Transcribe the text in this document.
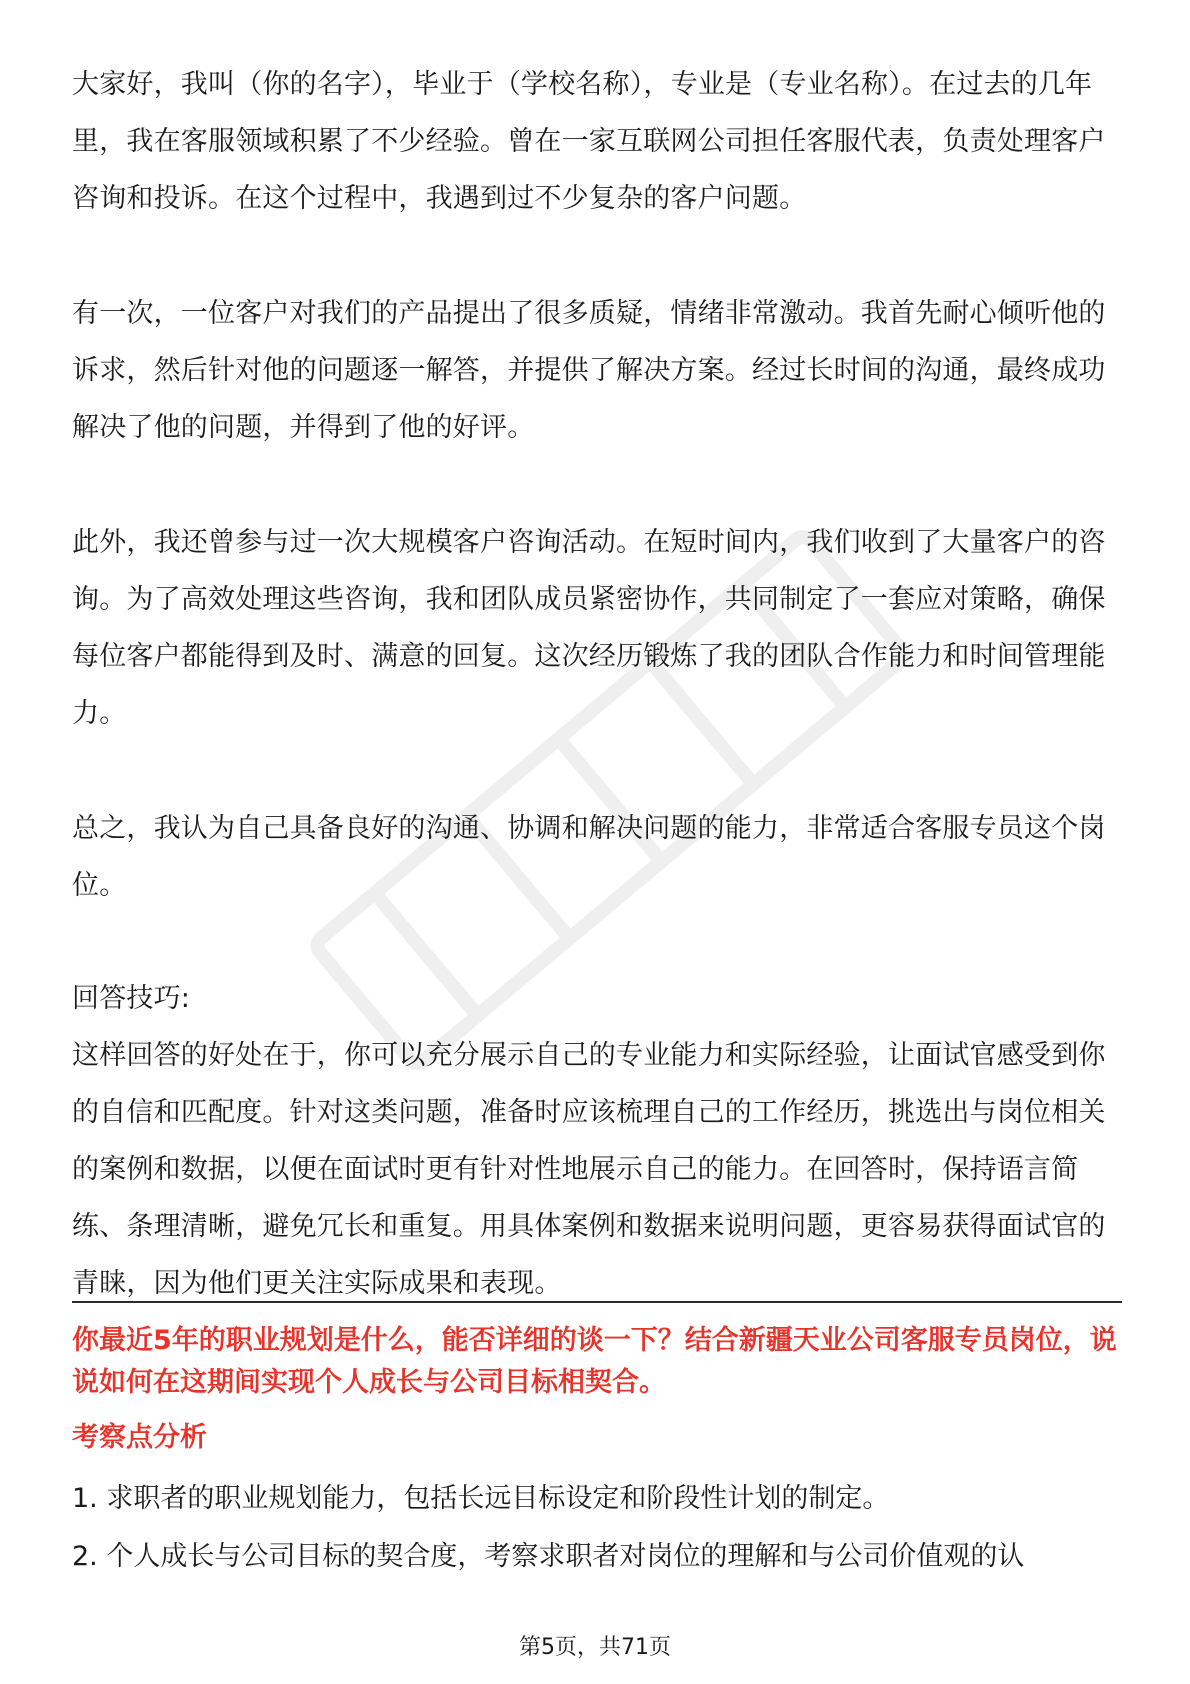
大家好，我叫（你的名字），毕业于（学校名称），专业是（专业名称）。在过去的几年里，我在客服领域积累了不少经验。曾在一家互联网公司担任客服代表，负责处理客户咨询和投诉。在这个过程中，我遇到过不少复杂的客户问题。

有一次，一位客户对我们的产品提出了很多质疑，情绪非常激动。我首先耐心倾听他的诉求，然后针对他的问题逐一解答，并提供了解决方案。经过长时间的沟通，最终成功解决了他的问题，并得到了他的好评。

此外，我还曾参与过一次大规模客户咨询活动。在短时间内，我们收到了大量客户的咨询。为了高效处理这些咨询，我和团队成员紧密协作，共同制定了一套应对策略，确保每位客户都能得到及时、满意的回复。这次经历锻炼了我的团队合作能力和时间管理能力。

总之，我认为自己具备良好的沟通、协调和解决问题的能力，非常适合客服专员这个岗位。

回答技巧:

这样回答的好处在于，你可以充分展示自己的专业能力和实际经验，让面试官感受到你的自信和匹配度。针对这类问题，准备时应该梳理自己的工作经历，挑选出与岗位相关的案例和数据，以便在面试时更有针对性地展示自己的能力。在回答时，保持语言简练、条理清晰，避免冗长和重复。用具体案例和数据来说明问题，更容易获得面试官的青睐，因为他们更关注实际成果和表现。

你最近5年的职业规划是什么，能否详细的谈一下？结合新疆天业公司客服专员岗位，说说如何在这期间实现个人成长与公司目标相契合。

考察点分析

1. 求职者的职业规划能力，包括长远目标设定和阶段性计划的制定。
2. 个人成长与公司目标的契合度，考察求职者对岗位的理解和与公司价值观的认
第5页，共71页
